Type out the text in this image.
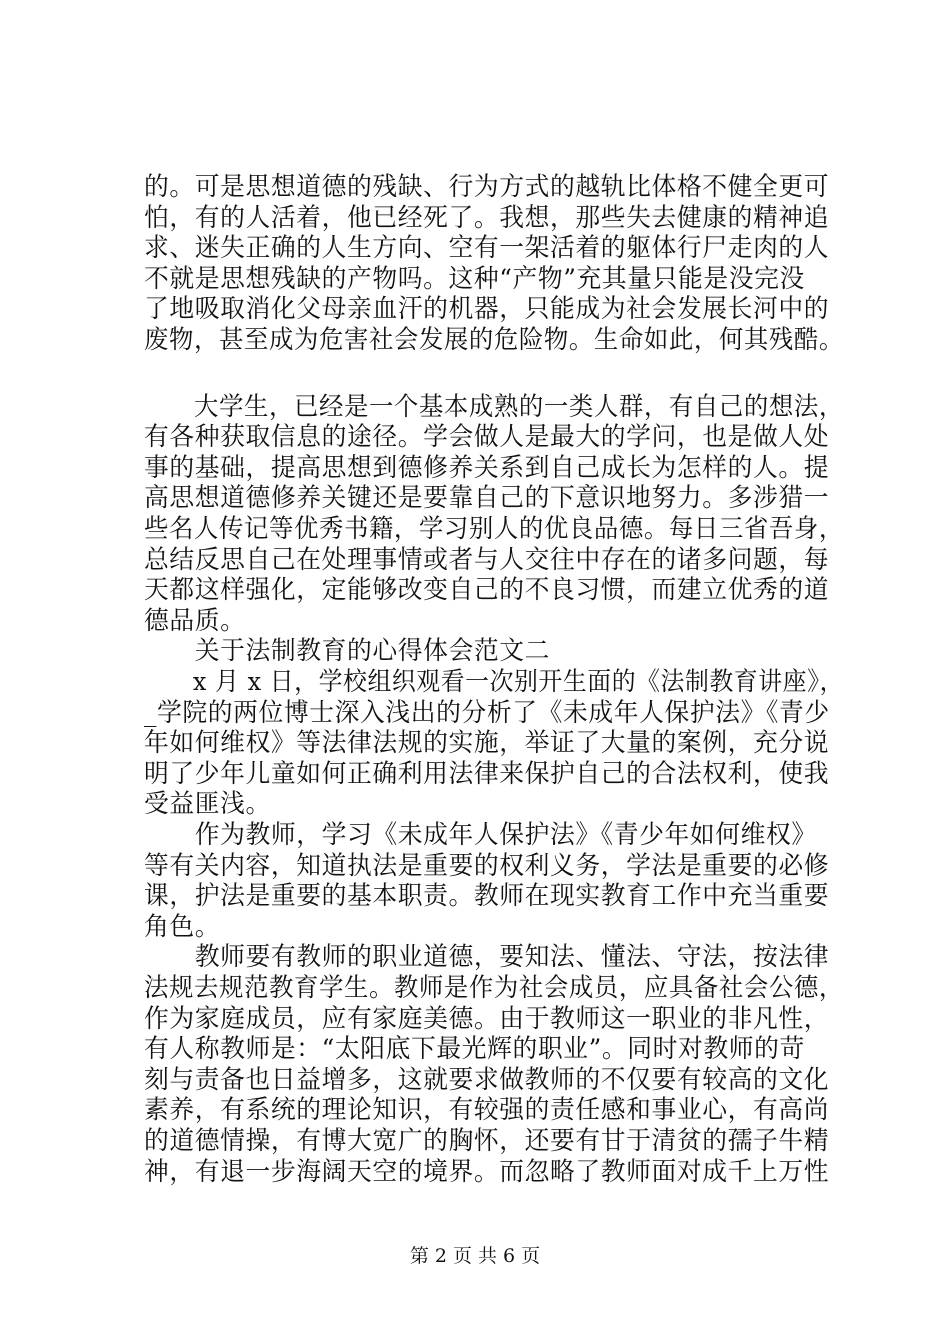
的。可是思想道德的残缺、行为方式的越轨比体格不健全更可
怕，有的人活着，他已经死了。我想，那些失去健康的精神追
求、迷失正确的人生方向、空有一架活着的躯体行尸走肉的人
不就是思想残缺的产物吗。这种“产物”充其量只能是没完没
了地吸取消化父母亲血汗的机器，只能成为社会发展长河中的
废物，甚至成为危害社会发展的危险物。生命如此，何其残酷。
　　大学生，已经是一个基本成熟的一类人群，有自己的想法，
有各种获取信息的途径。学会做人是最大的学问，也是做人处
事的基础，提高思想到德修养关系到自己成长为怎样的人。提
高思想道德修养关键还是要靠自己的下意识地努力。多涉猎一
些名人传记等优秀书籍，学习别人的优良品德。每日三省吾身，
总结反思自己在处理事情或者与人交往中存在的诸多问题，每
天都这样强化，定能够改变自己的不良习惯，而建立优秀的道
德品质。
　　关于法制教育的心得体会范文二
　　x 月 x 日，学校组织观看一次别开生面的《法制教育讲座》，
_学院的两位博士深入浅出的分析了《未成年人保护法》《青少
年如何维权》等法律法规的实施，举证了大量的案例，充分说
明了少年儿童如何正确利用法律来保护自己的合法权利，使我
受益匪浅。
　　作为教师，学习《未成年人保护法》《青少年如何维权》
等有关内容，知道执法是重要的权利义务，学法是重要的必修
课，护法是重要的基本职责。教师在现实教育工作中充当重要
角色。
　　教师要有教师的职业道德，要知法、懂法、守法，按法律
法规去规范教育学生。教师是作为社会成员，应具备社会公德，
作为家庭成员，应有家庭美德。由于教师这一职业的非凡性，
有人称教师是：“太阳底下最光辉的职业”。同时对教师的苛
刻与责备也日益增多，这就要求做教师的不仅要有较高的文化
素养，有系统的理论知识，有较强的责任感和事业心，有高尚
的道德情操，有博大宽广的胸怀，还要有甘于清贫的孺子牛精
神，有退一步海阔天空的境界。而忽略了教师面对成千上万性
第 2 页 共 6 页
